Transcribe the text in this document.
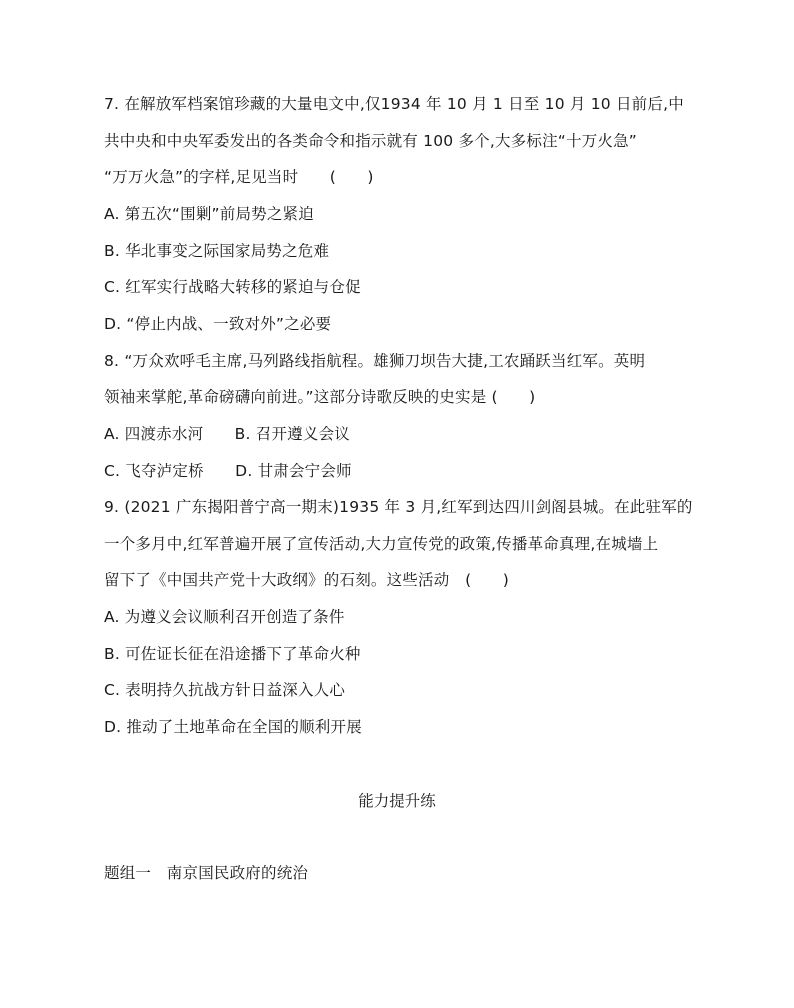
7. 在解放军档案馆珍藏的大量电文中,仅1934 年 10 月 1 日至 10 月 10 日前后,中
共中央和中央军委发出的各类命令和指示就有 100 多个,大多标注“十万火急”
“万万火急”的字样,足见当时　　(　　)
A. 第五次“围剿”前局势之紧迫
B. 华北事变之际国家局势之危难
C. 红军实行战略大转移的紧迫与仓促
D. “停止内战、一致对外”之必要
8. “万众欢呼毛主席,马列路线指航程。雄狮刀坝告大捷,工农踊跃当红军。英明
领袖来掌舵,革命磅礴向前进。”这部分诗歌反映的史实是 (　　)
A. 四渡赤水河　　B. 召开遵义会议
C. 飞夺泸定桥　　D. 甘肃会宁会师
9. (2021 广东揭阳普宁高一期末)1935 年 3 月,红军到达四川剑阁县城。在此驻军的
一个多月中,红军普遍开展了宣传活动,大力宣传党的政策,传播革命真理,在城墙上
留下了《中国共产党十大政纲》的石刻。这些活动　(　　)
A. 为遵义会议顺利召开创造了条件
B. 可佐证长征在沿途播下了革命火种
C. 表明持久抗战方针日益深入人心
D. 推动了土地革命在全国的顺利开展
能力提升练
题组一　南京国民政府的统治
